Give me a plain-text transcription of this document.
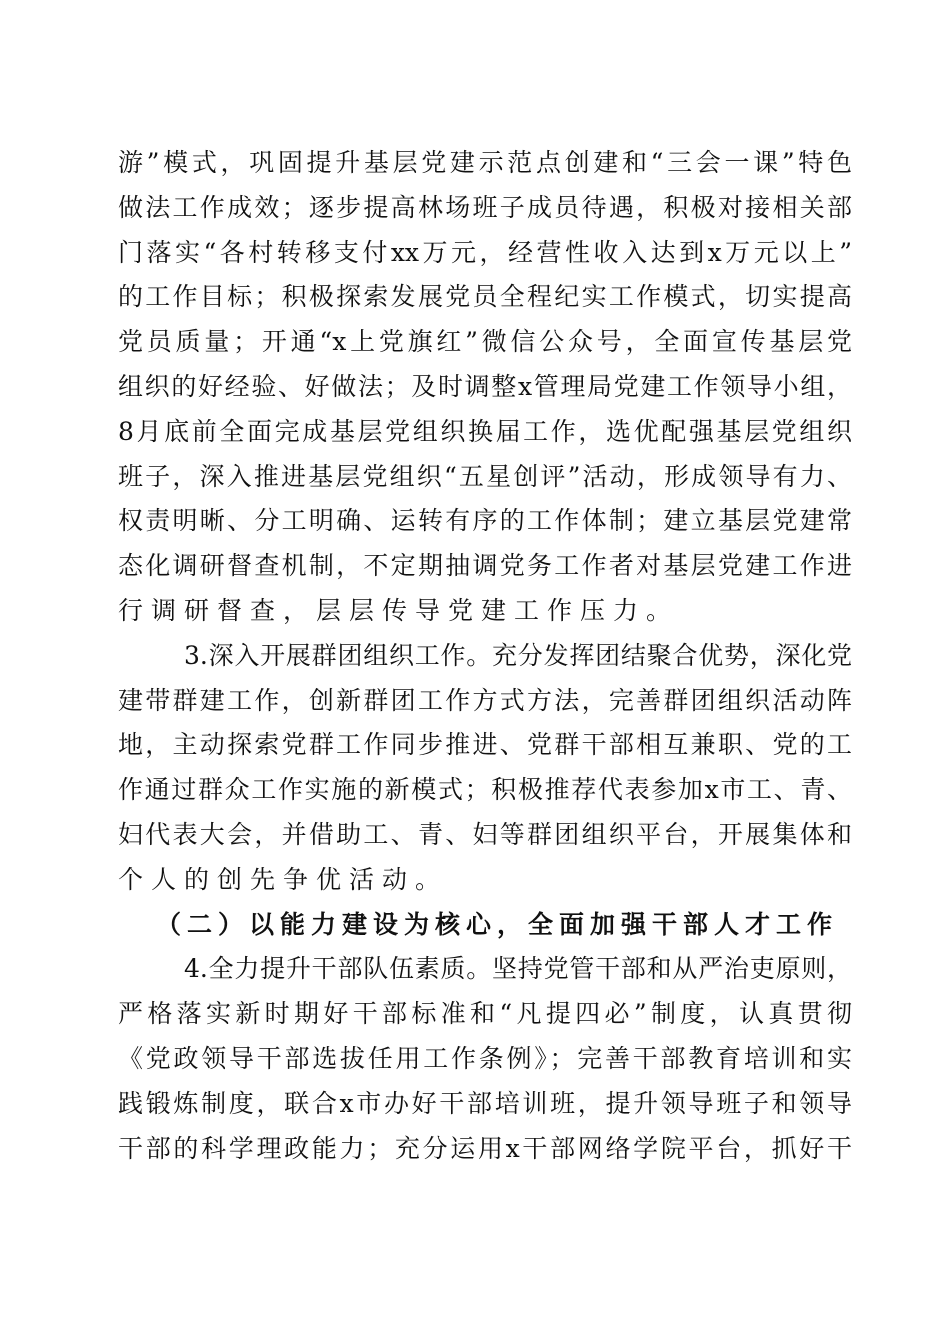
游”模式，巩固提升基层党建示范点创建和“三会一课”特色
做法工作成效；逐步提高林场班子成员待遇，积极对接相关部
门落实“各村转移支付xx万元，经营性收入达到x万元以上”
的工作目标；积极探索发展党员全程纪实工作模式，切实提高
党员质量；开通“x上党旗红”微信公众号，全面宣传基层党
组织的好经验、好做法；及时调整x管理局党建工作领导小组，
8月底前全面完成基层党组织换届工作，选优配强基层党组织
班子，深入推进基层党组织“五星创评”活动，形成领导有力、
权责明晰、分工明确、运转有序的工作体制；建立基层党建常
态化调研督查机制，不定期抽调党务工作者对基层党建工作进
行调研督查，层层传导党建工作压力。
3.深入开展群团组织工作。充分发挥团结聚合优势，深化党
建带群建工作，创新群团工作方式方法，完善群团组织活动阵
地，主动探索党群工作同步推进、党群干部相互兼职、党的工
作通过群众工作实施的新模式；积极推荐代表参加x市工、青、
妇代表大会，并借助工、青、妇等群团组织平台，开展集体和
个人的创先争优活动。
（二）以能力建设为核心，全面加强干部人才工作
4.全力提升干部队伍素质。坚持党管干部和从严治吏原则，
严格落实新时期好干部标准和“凡提四必”制度，认真贯彻
《党政领导干部选拔任用工作条例》；完善干部教育培训和实
践锻炼制度，联合x市办好干部培训班，提升领导班子和领导
干部的科学理政能力；充分运用x干部网络学院平台，抓好干
